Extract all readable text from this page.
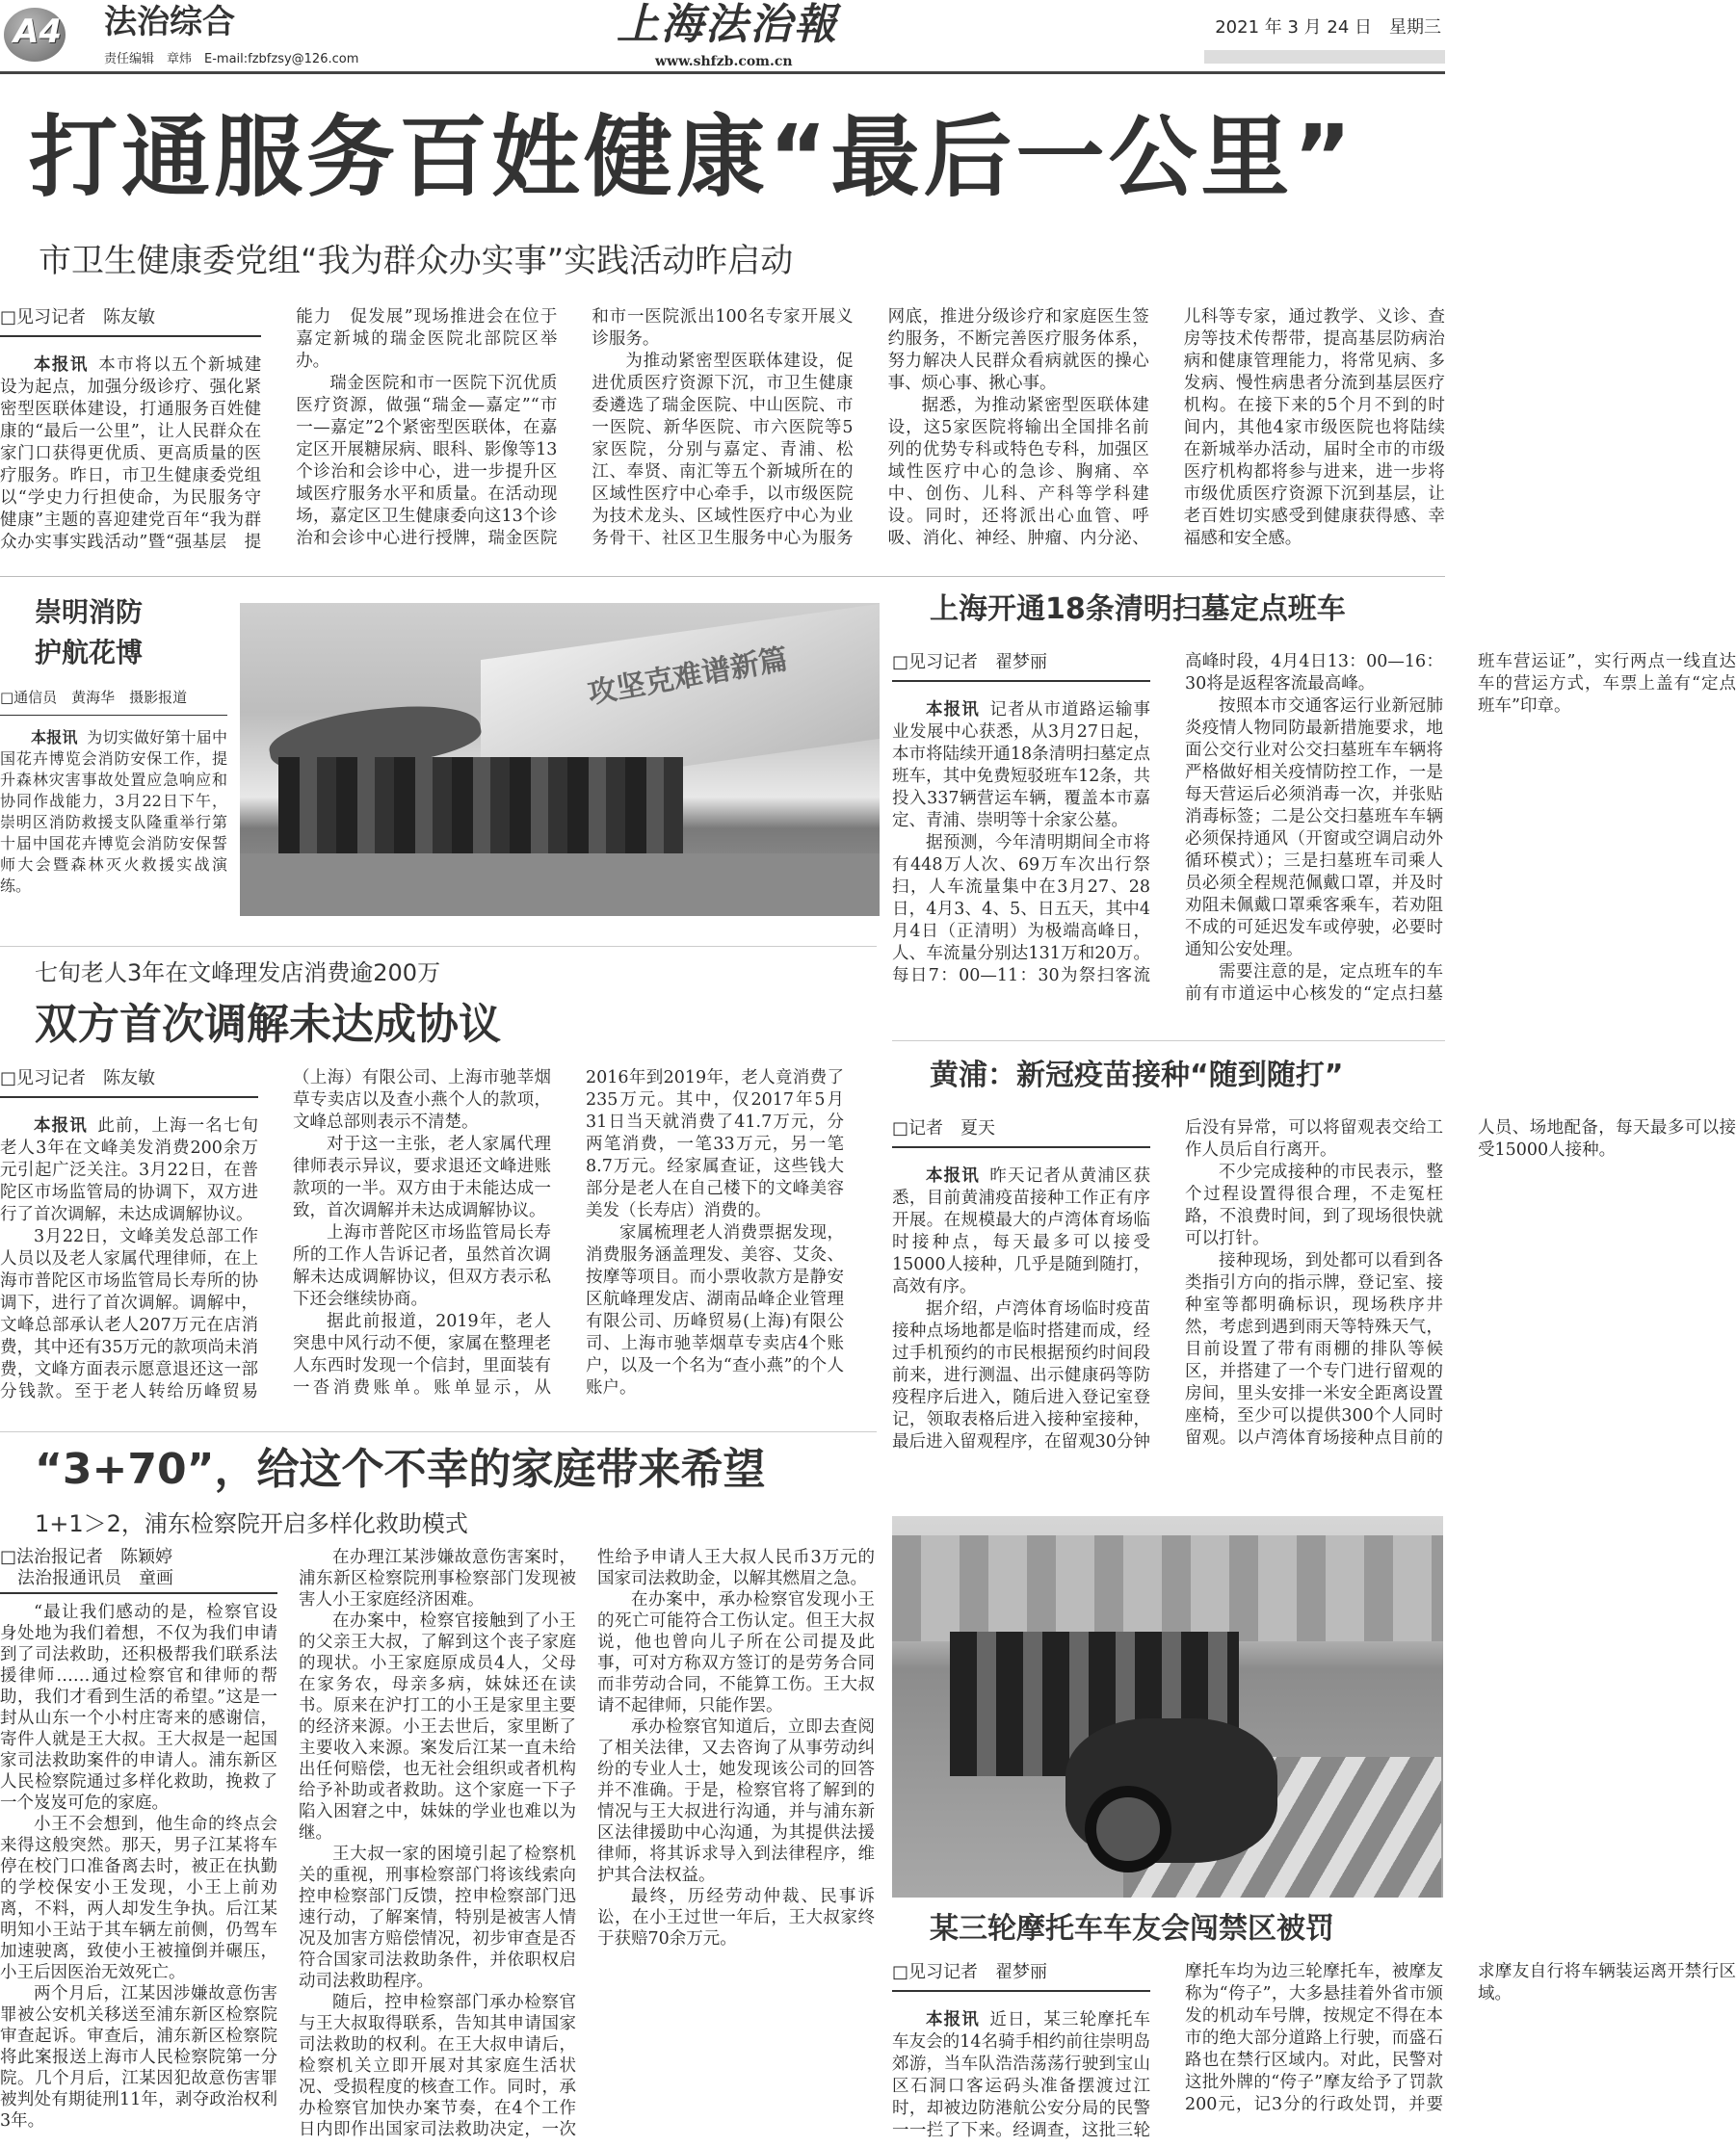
A4 法治综合
责任编辑　章炜　E-mail:fzbfzsy@126.com
上海法治報
www.shfzb.com.cn
2021 年 3 月 24 日　星期三
打通服务百姓健康“最后一公里”
市卫生健康委党组“我为群众办实事”实践活动昨启动
□见习记者　陈友敏

本报讯 本市将以五个新城建设为起点，加强分级诊疗、强化紧密型医联体建设，打通服务百姓健康的“最后一公里”，让人民群众在家门口获得更优质、更高质量的医疗服务。昨日，市卫生健康委党组以“学史力行担使命，为民服务守健康”主题的喜迎建党百年“我为群众办实事实践活动”暨“强基层　提能力　促发展”现场推进会在位于嘉定新城的瑞金医院北部院区举办。

瑞金医院和市一医院下沉优质医疗资源，做强“瑞金—嘉定”“市一—嘉定”2个紧密型医联体，在嘉定区开展糖尿病、眼科、影像等13个诊治和会诊中心，进一步提升区域医疗服务水平和质量。在活动现场，嘉定区卫生健康委向这13个诊治和会诊中心进行授牌，瑞金医院和市一医院派出100名专家开展义诊服务。

为推动紧密型医联体建设，促进优质医疗资源下沉，市卫生健康委遴选了瑞金医院、中山医院、市一医院、新华医院、市六医院等5家医院，分别与嘉定、青浦、松江、奉贤、南汇等五个新城所在的区域性医疗中心牵手，以市级医院为技术龙头、区域性医疗中心为业务骨干、社区卫生服务中心为服务网底，推进分级诊疗和家庭医生签约服务，不断完善医疗服务体系，努力解决人民群众看病就医的操心事、烦心事、揪心事。

据悉，为推动紧密型医联体建设，这5家医院将输出全国排名前列的优势专科或特色专科，加强区域性医疗中心的急诊、胸痛、卒中、创伤、儿科、产科等学科建设。同时，还将派出心血管、呼吸、消化、神经、肿瘤、内分泌、儿科等专家，通过教学、义诊、查房等技术传帮带，提高基层防病治病和健康管理能力，将常见病、多发病、慢性病患者分流到基层医疗机构。在接下来的5个月不到的时间内，其他4家市级医院也将陆续在新城举办活动，届时全市的市级医疗机构都将参与进来，进一步将市级优质医疗资源下沉到基层，让老百姓切实感受到健康获得感、幸福感和安全感。

崇明消防
护航花博
□通信员　黄海华　摄影报道

本报讯 为切实做好第十届中国花卉博览会消防安保工作，提升森林灾害事故处置应急响应和协同作战能力，3月22日下午，崇明区消防救援支队隆重举行第十届中国花卉博览会消防安保誓师大会暨森林灭火救援实战演练。

攻坚克难谱新篇
上海开通18条清明扫墓定点班车
□见习记者　翟梦丽

本报讯 记者从市道路运输事业发展中心获悉，从3月27日起，本市将陆续开通18条清明扫墓定点班车，其中免费短驳班车12条，共投入337辆营运车辆，覆盖本市嘉定、青浦、崇明等十余家公墓。

据预测，今年清明期间全市将有448万人次、69万车次出行祭扫，人车流量集中在3月27、28日，4月3、4、5、日五天，其中4月4日（正清明）为极端高峰日，人、车流量分别达131万和20万。每日7：00—11：30为祭扫客流高峰时段，4月4日13：00—16：30将是返程客流最高峰。

按照本市交通客运行业新冠肺炎疫情人物同防最新措施要求，地面公交行业对公交扫墓班车车辆将严格做好相关疫情防控工作，一是每天营运后必须消毒一次，并张贴消毒标签；二是公交扫墓班车车辆必须保持通风（开窗或空调启动外循环模式）；三是扫墓班车司乘人员必须全程规范佩戴口罩，并及时劝阻未佩戴口罩乘客乘车，若劝阻不成的可延迟发车或停驶，必要时通知公安处理。

需要注意的是，定点班车的车前有市道运中心核发的“定点扫墓班车营运证”，实行两点一线直达车的营运方式，车票上盖有“定点班车”印章。

七旬老人3年在文峰理发店消费逾200万
双方首次调解未达成协议
□见习记者　陈友敏

本报讯 此前，上海一名七旬老人3年在文峰美发消费200余万元引起广泛关注。3月22日，在普陀区市场监管局的协调下，双方进行了首次调解，未达成调解协议。

3月22日，文峰美发总部工作人员以及老人家属代理律师，在上海市普陀区市场监管局长寿所的协调下，进行了首次调解。调解中，文峰总部承认老人207万元在店消费，其中还有35万元的款项尚未消费，文峰方面表示愿意退还这一部分钱款。至于老人转给历峰贸易（上海）有限公司、上海市驰莘烟草专卖店以及查小燕个人的款项，文峰总部则表示不清楚。

对于这一主张，老人家属代理律师表示异议，要求退还文峰进账款项的一半。双方由于未能达成一致，首次调解并未达成调解协议。

上海市普陀区市场监管局长寿所的工作人告诉记者，虽然首次调解未达成调解协议，但双方表示私下还会继续协商。

据此前报道，2019年，老人突患中风行动不便，家属在整理老人东西时发现一个信封，里面装有一沓消费账单。账单显示，从2016年到2019年，老人竟消费了235万元。其中，仅2017年5月31日当天就消费了41.7万元，分两笔消费，一笔33万元，另一笔8.7万元。经家属查证，这些钱大部分是老人在自己楼下的文峰美容美发（长寿店）消费的。

家属梳理老人消费票据发现，消费服务涵盖理发、美容、艾灸、按摩等项目。而小票收款方是静安区航峰理发店、湖南品峰企业管理有限公司、历峰贸易(上海)有限公司、上海市驰莘烟草专卖店4个账户，以及一个名为“查小燕”的个人账户。

黄浦：新冠疫苗接种“随到随打”
□记者　夏天

本报讯 昨天记者从黄浦区获悉，目前黄浦疫苗接种工作正有序开展。在规模最大的卢湾体育场临时接种点，每天最多可以接受15000人接种，几乎是随到随打，高效有序。

据介绍，卢湾体育场临时疫苗接种点场地都是临时搭建而成，经过手机预约的市民根据预约时间段前来，进行测温、出示健康码等防疫程序后进入，随后进入登记室登记，领取表格后进入接种室接种，最后进入留观程序，在留观30分钟后没有异常，可以将留观表交给工作人员后自行离开。

不少完成接种的市民表示，整个过程设置得很合理，不走冤枉路，不浪费时间，到了现场很快就可以打针。

接种现场，到处都可以看到各类指引方向的指示牌，登记室、接种室等都明确标识，现场秩序井然，考虑到遇到雨天等特殊天气，目前设置了带有雨棚的排队等候区，并搭建了一个专门进行留观的房间，里头安排一米安全距离设置座椅，至少可以提供300个人同时留观。以卢湾体育场接种点目前的人员、场地配备，每天最多可以接受15000人接种。

“3+70”，给这个不幸的家庭带来希望
1+1＞2，浦东检察院开启多样化救助模式
□法治报记者　陈颖婷
法治报通讯员　童画

“最让我们感动的是，检察官设身处地为我们着想，不仅为我们申请到了司法救助，还积极帮我们联系法援律师……通过检察官和律师的帮助，我们才看到生活的希望。”这是一封从山东一个小村庄寄来的感谢信，寄件人就是王大叔。王大叔是一起国家司法救助案件的申请人。浦东新区人民检察院通过多样化救助，挽救了一个岌岌可危的家庭。

小王不会想到，他生命的终点会来得这般突然。那天，男子江某将车停在校门口准备离去时，被正在执勤的学校保安小王发现，小王上前劝离，不料，两人却发生争执。后江某明知小王站于其车辆左前侧，仍驾车加速驶离，致使小王被撞倒并碾压，小王后因医治无效死亡。

两个月后，江某因涉嫌故意伤害罪被公安机关移送至浦东新区检察院审查起诉。审查后，浦东新区检察院将此案报送上海市人民检察院第一分院。几个月后，江某因犯故意伤害罪被判处有期徒刑11年，剥夺政治权利3年。

在办理江某涉嫌故意伤害案时，浦东新区检察院刑事检察部门发现被害人小王家庭经济困难。

在办案中，检察官接触到了小王的父亲王大叔，了解到这个丧子家庭的现状。小王家庭原成员4人，父母在家务农，母亲多病，妹妹还在读书。原来在沪打工的小王是家里主要的经济来源。小王去世后，家里断了主要收入来源。案发后江某一直未给出任何赔偿，也无社会组织或者机构给予补助或者救助。这个家庭一下子陷入困窘之中，妹妹的学业也难以为继。

王大叔一家的困境引起了检察机关的重视，刑事检察部门将该线索向控申检察部门反馈，控申检察部门迅速行动，了解案情，特别是被害人情况及加害方赔偿情况，初步审查是否符合国家司法救助条件，并依职权启动司法救助程序。

随后，控申检察部门承办检察官与王大叔取得联系，告知其申请国家司法救助的权利。在王大叔申请后，检察机关立即开展对其家庭生活状况、受损程度的核查工作。同时，承办检察官加快办案节奏，在4个工作日内即作出国家司法救助决定，一次性给予申请人王大叔人民币3万元的国家司法救助金，以解其燃眉之急。

在办案中，承办检察官发现小王的死亡可能符合工伤认定。但王大叔说，他也曾向儿子所在公司提及此事，可对方称双方签订的是劳务合同而非劳动合同，不能算工伤。王大叔请不起律师，只能作罢。

承办检察官知道后，立即去查阅了相关法律，又去咨询了从事劳动纠纷的专业人士，她发现该公司的回答并不准确。于是，检察官将了解到的情况与王大叔进行沟通，并与浦东新区法律援助中心沟通，为其提供法援律师，将其诉求导入到法律程序，维护其合法权益。

最终，历经劳动仲裁、民事诉讼，在小王过世一年后，王大叔家终于获赔70余万元。	某三轮摩托车车友会闯禁区被罚
□见习记者　翟梦丽

本报讯 近日，某三轮摩托车车友会的14名骑手相约前往崇明岛郊游，当车队浩浩荡荡行驶到宝山区石洞口客运码头准备摆渡过江时，却被边防港航公安分局的民警一一拦了下来。经调查，这批三轮摩托车均为边三轮摩托车，被摩友称为“侉子”，大多悬挂着外省市颁发的机动车号牌，按规定不得在本市的绝大部分道路上行驶，而盛石路也在禁行区域内。对此，民警对这批外牌的“侉子”摩友给予了罚款200元，记3分的行政处罚，并要求摩友自行将车辆装运离开禁行区域。
